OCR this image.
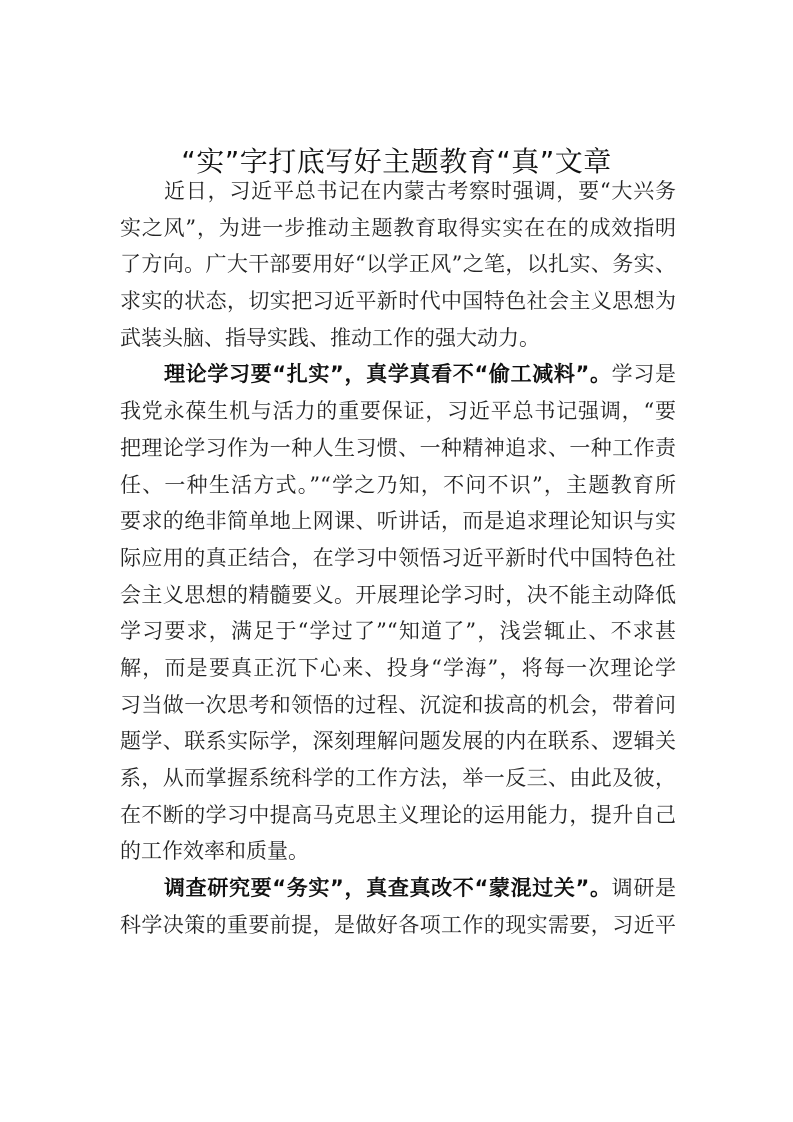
“实”字打底写好主题教育“真”文章
近日，习近平总书记在内蒙古考察时强调，要“大兴务
实之风”，为进一步推动主题教育取得实实在在的成效指明
了方向。广大干部要用好“以学正风”之笔，以扎实、务实、
求实的状态，切实把习近平新时代中国特色社会主义思想为
武装头脑、指导实践、推动工作的强大动力。
理论学习要“扎实”，真学真看不“偷工减料”。学习是
我党永葆生机与活力的重要保证，习近平总书记强调，“要
把理论学习作为一种人生习惯、一种精神追求、一种工作责
任、一种生活方式。”“学之乃知，不问不识”，主题教育所
要求的绝非简单地上网课、听讲话，而是追求理论知识与实
际应用的真正结合，在学习中领悟习近平新时代中国特色社
会主义思想的精髓要义。开展理论学习时，决不能主动降低
学习要求，满足于“学过了”“知道了”，浅尝辄止、不求甚
解，而是要真正沉下心来、投身“学海”，将每一次理论学
习当做一次思考和领悟的过程、沉淀和拔高的机会，带着问
题学、联系实际学，深刻理解问题发展的内在联系、逻辑关
系，从而掌握系统科学的工作方法，举一反三、由此及彼，
在不断的学习中提高马克思主义理论的运用能力，提升自己
的工作效率和质量。
调查研究要“务实”，真查真改不“蒙混过关”。调研是
科学决策的重要前提，是做好各项工作的现实需要，习近平
